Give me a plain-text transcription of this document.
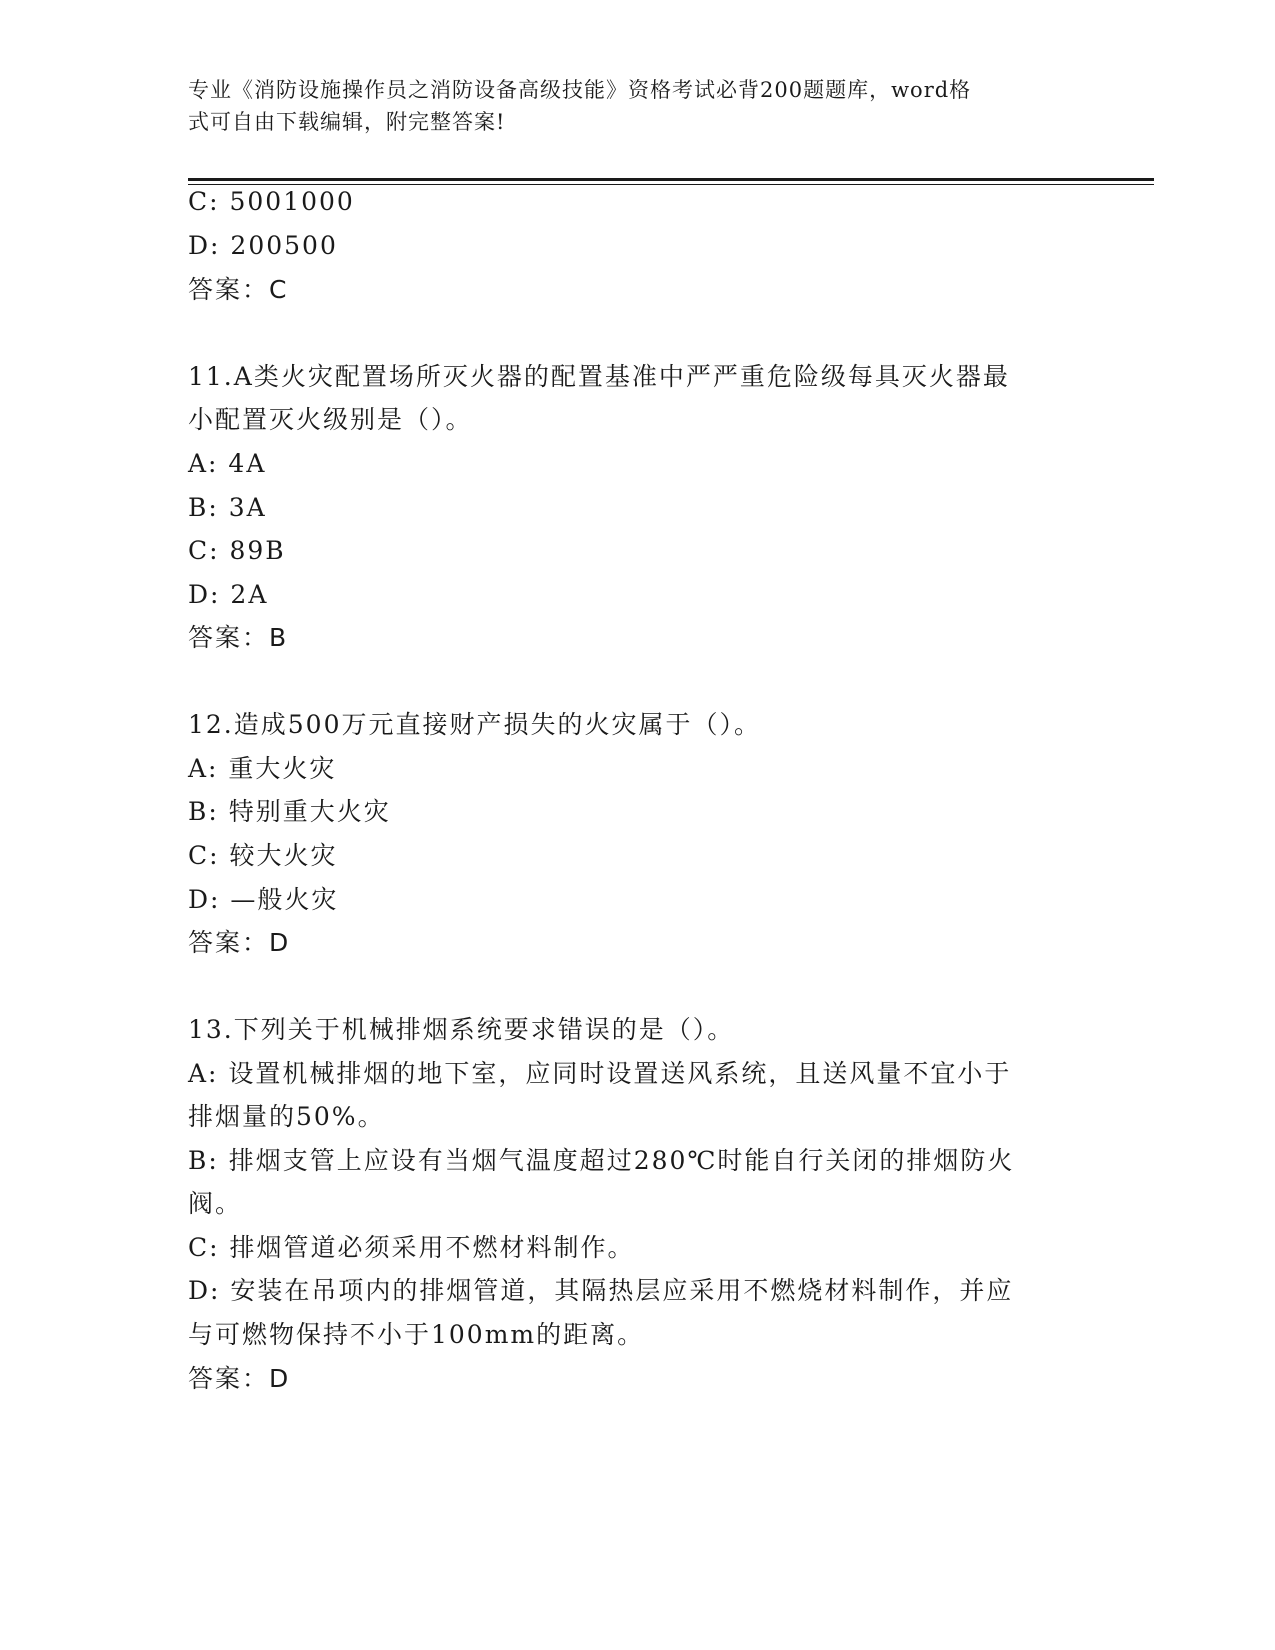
专业《消防设施操作员之消防设备高级技能》资格考试必背200题题库，word格
式可自由下载编辑，附完整答案!
C: 5001000
D: 200500
答案：C
11.A类火灾配置场所灭火器的配置基准中严严重危险级每具灭火器最
小配置灭火级别是（）。
A: 4A
B: 3A
C: 89B
D: 2A
答案：B
12.造成500万元直接财产损失的火灾属于（）。
A: 重大火灾
B: 特别重大火灾
C: 较大火灾
D: —般火灾
答案：D
13.下列关于机械排烟系统要求错误的是（）。
A: 设置机械排烟的地下室，应同时设置送风系统，且送风量不宜小于
排烟量的50%。
B: 排烟支管上应设有当烟气温度超过280℃时能自行关闭的排烟防火
阀。
C: 排烟管道必须采用不燃材料制作。
D: 安装在吊项内的排烟管道，其隔热层应采用不燃烧材料制作，并应
与可燃物保持不小于100mm的距离。
答案：D
